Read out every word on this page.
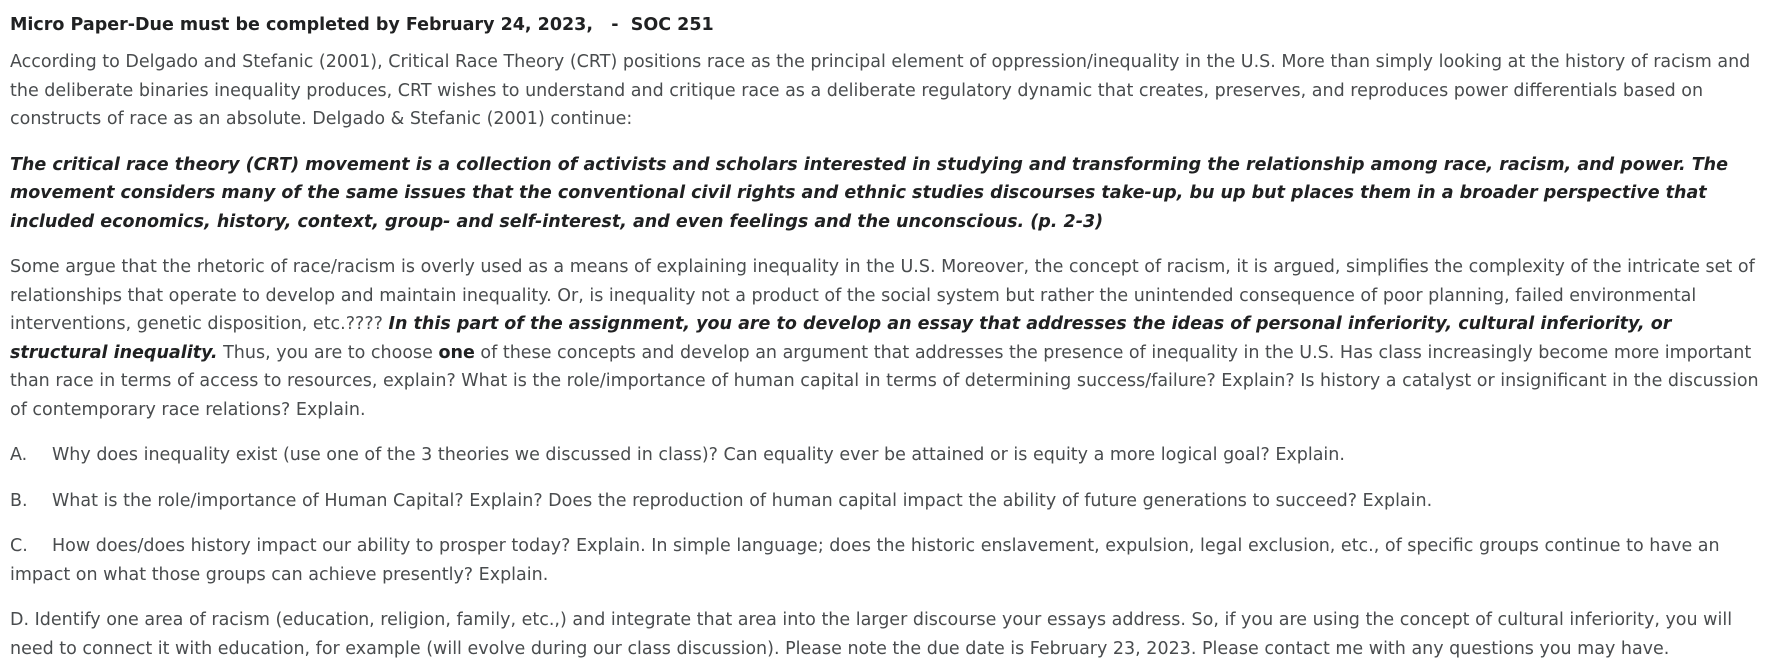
Micro Paper-Due must be completed by February 24, 2023,   -  SOC 251

According to Delgado and Stefanic (2001), Critical Race Theory (CRT) positions race as the principal element of oppression/inequality in the U.S. More than simply looking at the history of racism and the deliberate binaries inequality produces, CRT wishes to understand and critique race as a deliberate regulatory dynamic that creates, preserves, and reproduces power differentials based on constructs of race as an absolute. Delgado & Stefanic (2001) continue:

The critical race theory (CRT) movement is a collection of activists and scholars interested in studying and transforming the relationship among race, racism, and power. The movement considers many of the same issues that the conventional civil rights and ethnic studies discourses take-up, bu up but places them in a broader perspective that included economics, history, context, group- and self-interest, and even feelings and the unconscious. (p. 2-3)

Some argue that the rhetoric of race/racism is overly used as a means of explaining inequality in the U.S. Moreover, the concept of racism, it is argued, simplifies the complexity of the intricate set of relationships that operate to develop and maintain inequality. Or, is inequality not a product of the social system but rather the unintended consequence of poor planning, failed environmental interventions, genetic disposition, etc.???? In this part of the assignment, you are to develop an essay that addresses the ideas of personal inferiority, cultural inferiority, or structural inequality. Thus, you are to choose one of these concepts and develop an argument that addresses the presence of inequality in the U.S. Has class increasingly become more important than race in terms of access to resources, explain? What is the role/importance of human capital in terms of determining success/failure? Explain? Is history a catalyst or insignificant in the discussion of contemporary race relations? Explain.

A. Why does inequality exist (use one of the 3 theories we discussed in class)? Can equality ever be attained or is equity a more logical goal? Explain.

B. What is the role/importance of Human Capital? Explain? Does the reproduction of human capital impact the ability of future generations to succeed? Explain.

C. How does/does history impact our ability to prosper today? Explain. In simple language; does the historic enslavement, expulsion, legal exclusion, etc., of specific groups continue to have an impact on what those groups can achieve presently? Explain.

D. Identify one area of racism (education, religion, family, etc.,) and integrate that area into the larger discourse your essays address. So, if you are using the concept of cultural inferiority, you will need to connect it with education, for example (will evolve during our class discussion). Please note the due date is February 23, 2023. Please contact me with any questions you may have.
